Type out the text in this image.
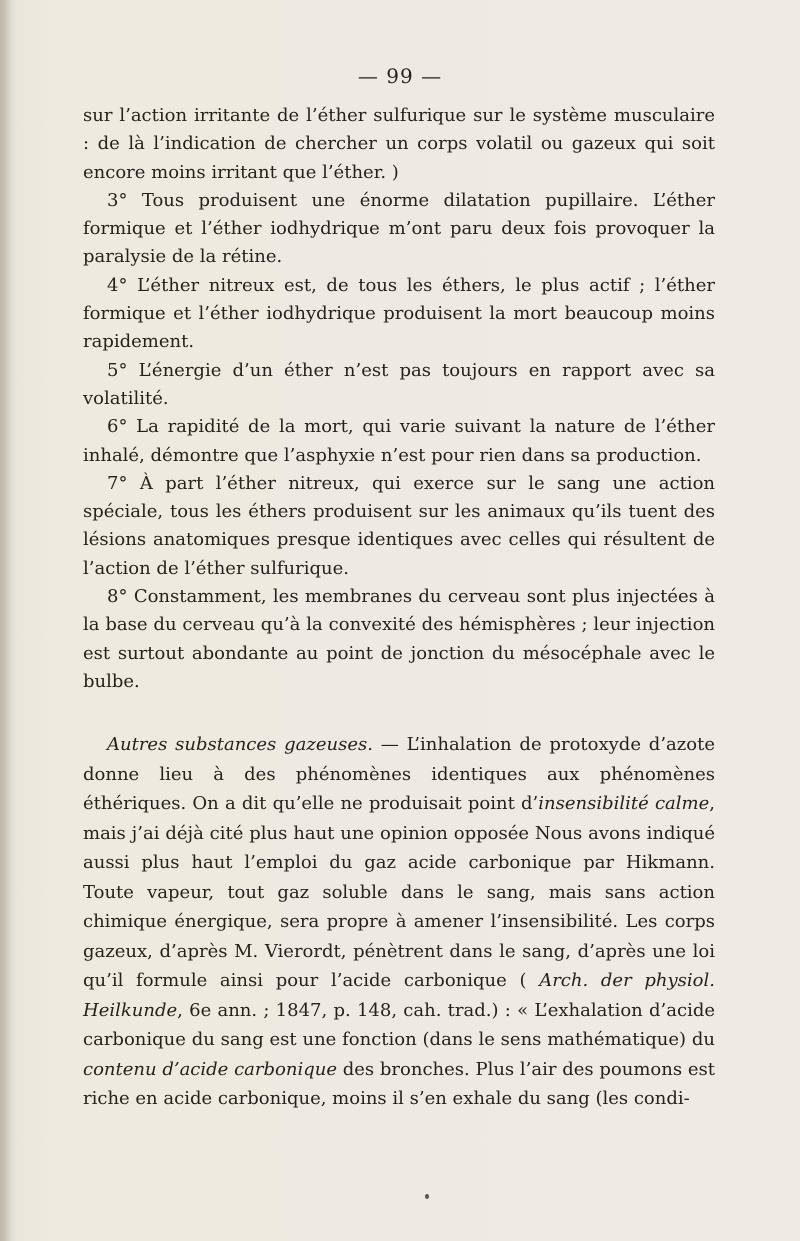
— 99 —

sur l’action irritante de l’éther sulfurique sur le système musculaire : de là l’indication de chercher un corps volatil ou gazeux qui soit encore moins irritant que l’éther. )

3° Tous produisent une énorme dilatation pupillaire. L’éther formique et l’éther iodhydrique m’ont paru deux fois provoquer la paralysie de la rétine.

4° L’éther nitreux est, de tous les éthers, le plus actif ; l’éther formique et l’éther iodhydrique produisent la mort beaucoup moins rapidement.

5° L’énergie d’un éther n’est pas toujours en rapport avec sa volatilité.

6° La rapidité de la mort, qui varie suivant la nature de l’éther inhalé, démontre que l’asphyxie n’est pour rien dans sa production.

7° À part l’éther nitreux, qui exerce sur le sang une action spéciale, tous les éthers produisent sur les animaux qu’ils tuent des lésions anatomiques presque identiques avec celles qui résultent de l’action de l’éther sulfurique.

8° Constamment, les membranes du cerveau sont plus injectées à la base du cerveau qu’à la convexité des hémisphères ; leur injection est surtout abondante au point de jonction du mésocéphale avec le bulbe.

Autres substances gazeuses. — L’inhalation de protoxyde d’azote donne lieu à des phénomènes identiques aux phénomènes éthériques. On a dit qu’elle ne produisait point d’insensibilité calme, mais j’ai déjà cité plus haut une opinion opposée Nous avons indiqué aussi plus haut l’emploi du gaz acide carbonique par Hikmann. Toute vapeur, tout gaz soluble dans le sang, mais sans action chimique énergique, sera propre à amener l’insensibilité. Les corps gazeux, d’après M. Vierordt, pénètrent dans le sang, d’après une loi qu’il formule ainsi pour l’acide carbonique ( Arch. der physiol. Heilkunde, 6e ann. ; 1847, p. 148, cah. trad.) : « L’exhalation d’acide carbonique du sang est une fonction (dans le sens mathématique) du contenu d’acide carbonique des bronches. Plus l’air des poumons est riche en acide carbonique, moins il s’en exhale du sang (les condi-
